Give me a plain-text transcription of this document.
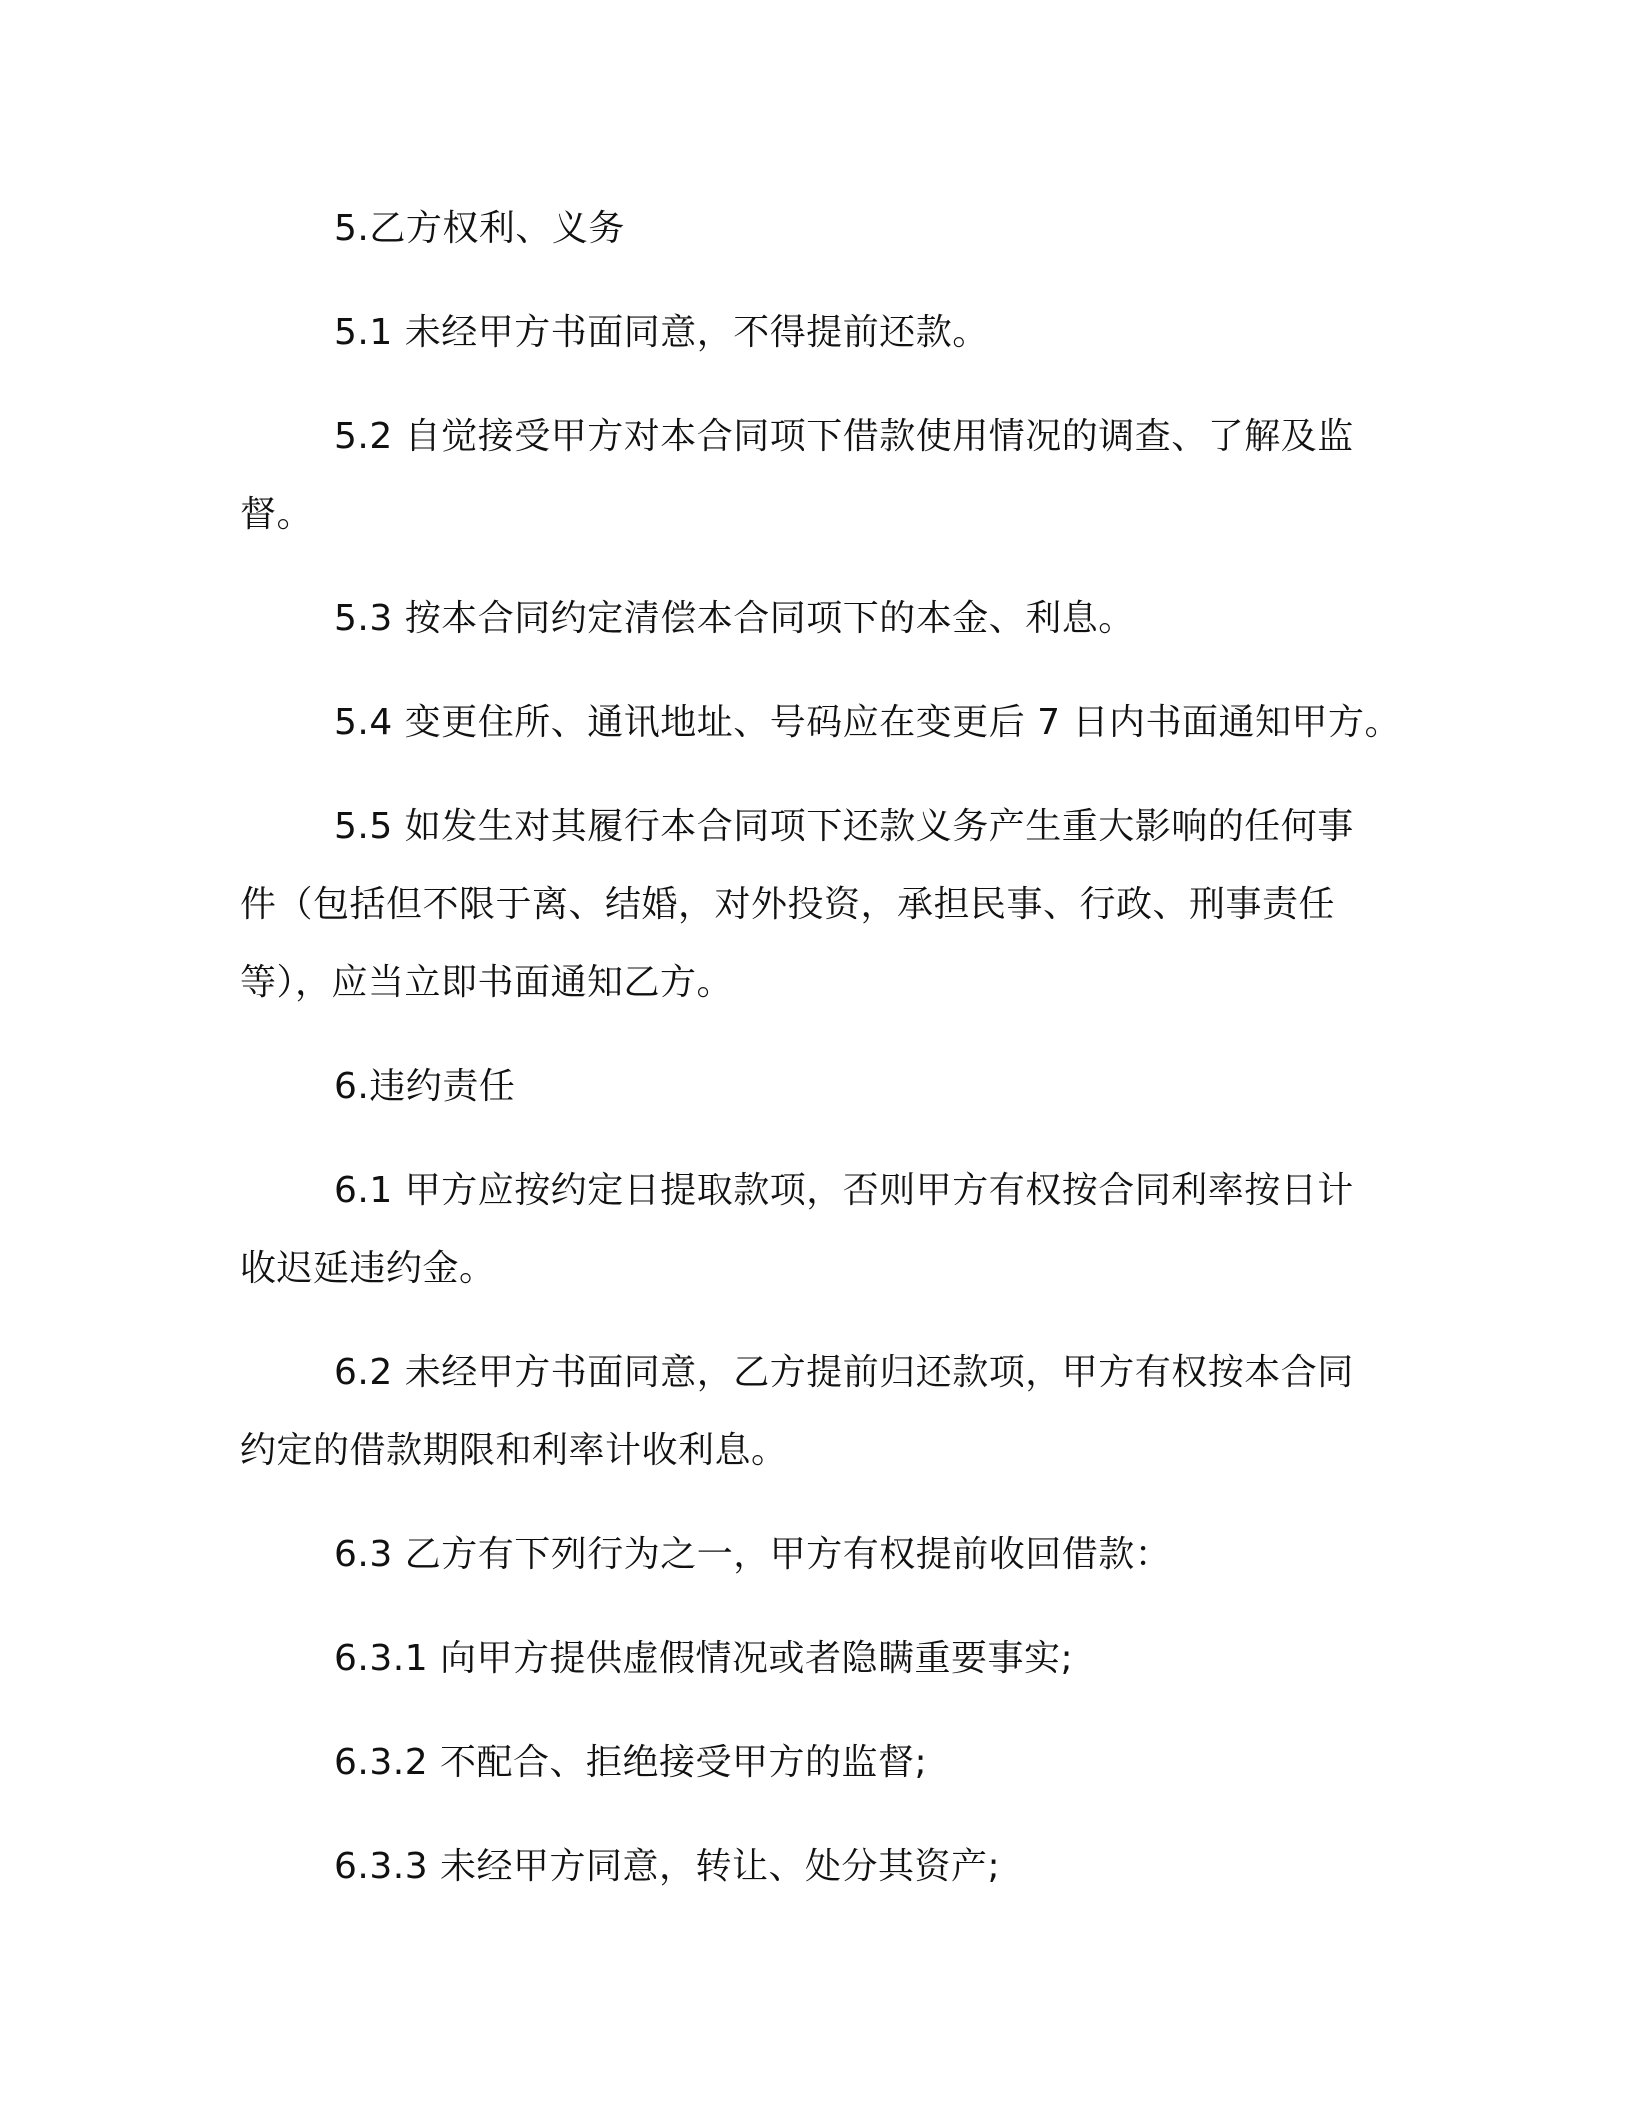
5.乙方权利、义务

5.1 未经甲方书面同意，不得提前还款。

5.2 自觉接受甲方对本合同项下借款使用情况的调查、了解及监督。

5.3 按本合同约定清偿本合同项下的本金、利息。

5.4 变更住所、通讯地址、号码应在变更后 7 日内书面通知甲方。

5.5 如发生对其履行本合同项下还款义务产生重大影响的任何事件（包括但不限于离、结婚，对外投资，承担民事、行政、刑事责任等），应当立即书面通知乙方。

6.违约责任

6.1 甲方应按约定日提取款项，否则甲方有权按合同利率按日计收迟延违约金。

6.2 未经甲方书面同意，乙方提前归还款项，甲方有权按本合同约定的借款期限和利率计收利息。

6.3 乙方有下列行为之一，甲方有权提前收回借款：

6.3.1 向甲方提供虚假情况或者隐瞒重要事实;

6.3.2 不配合、拒绝接受甲方的监督;

6.3.3 未经甲方同意，转让、处分其资产;
